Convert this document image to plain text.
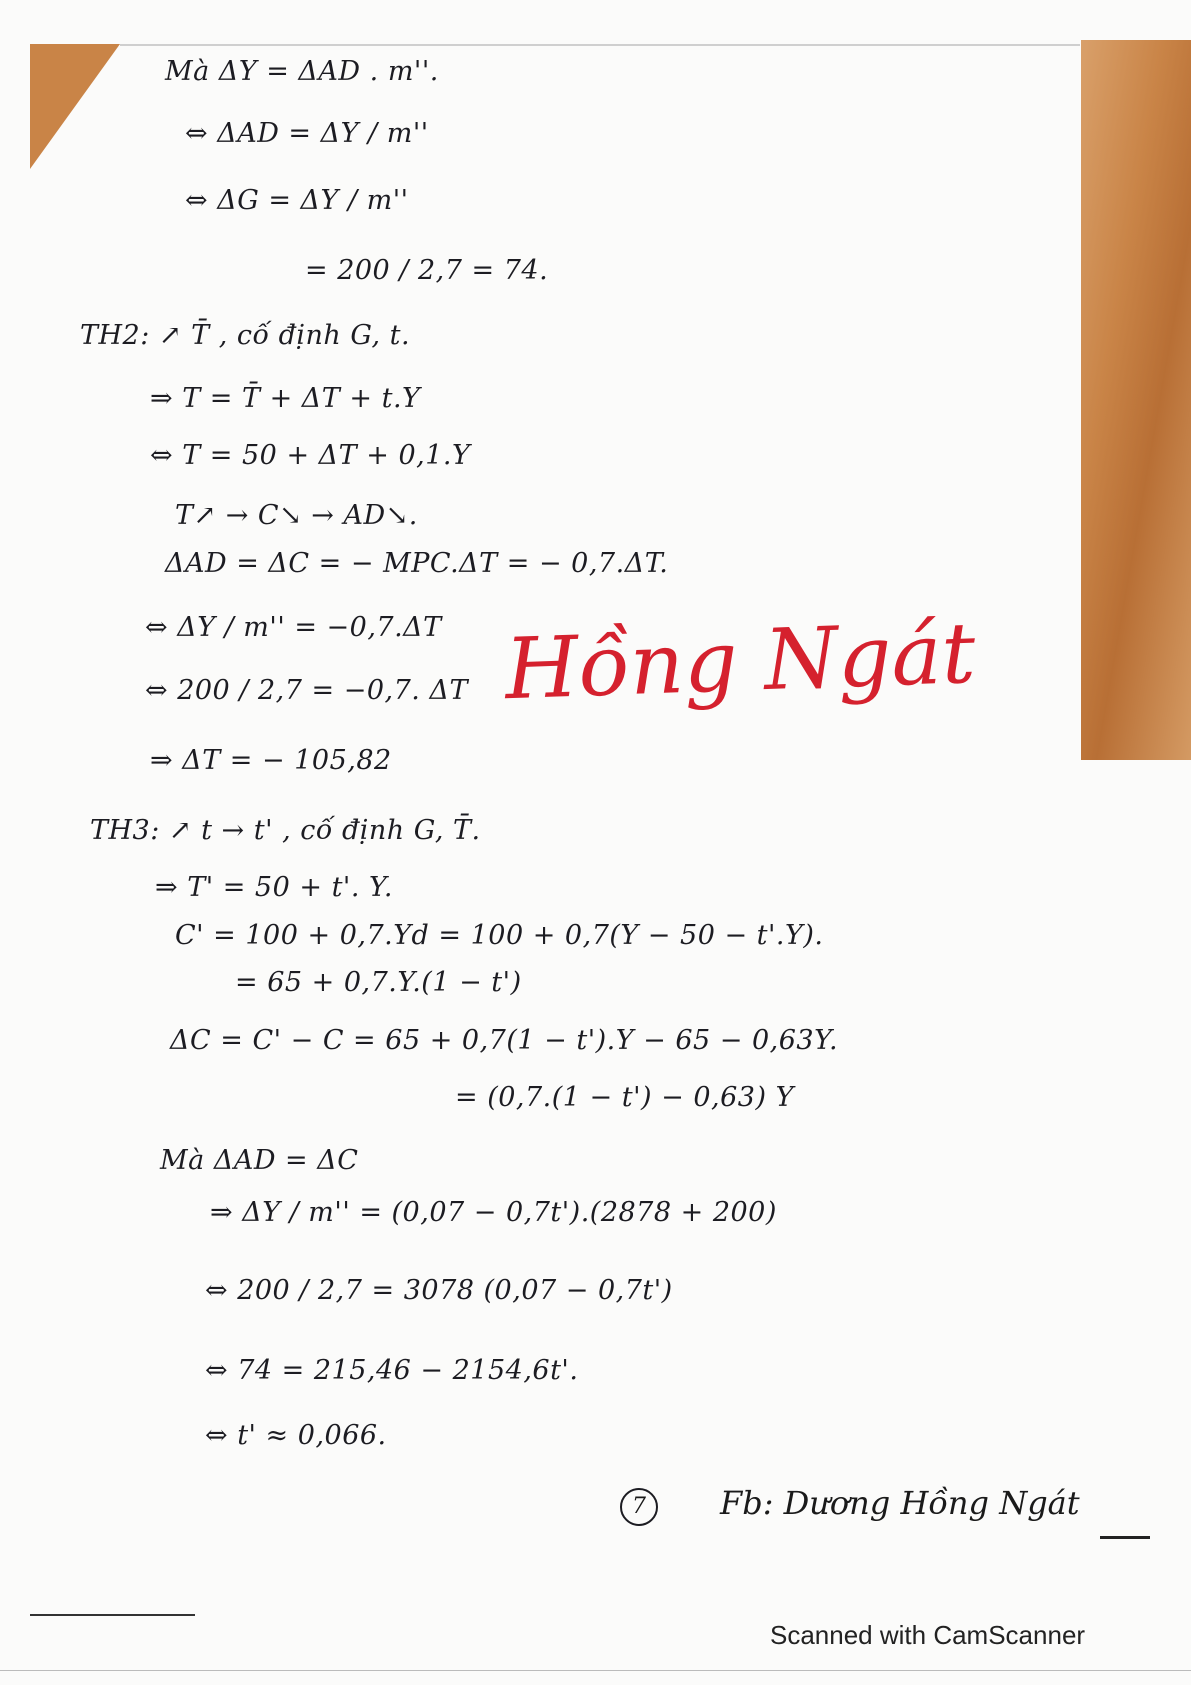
Mà ΔY = ΔAD . m''.
⇔ ΔAD = ΔY / m''
⇔ ΔG = ΔY / m''
= 200 / 2,7 = 74.
TH2: ↗ T̄ , cố định G, t.
⇒ T = T̄ + ΔT + t.Y
⇔ T = 50 + ΔT + 0,1.Y
T↗ → C↘ → AD↘.
ΔAD = ΔC = − MPC.ΔT = − 0,7.ΔT.
⇔ ΔY / m'' = −0,7.ΔT
⇔ 200 / 2,7 = −0,7. ΔT
⇒ ΔT = − 105,82
TH3: ↗ t → t' , cố định G, T̄.
⇒ T' = 50 + t'. Y.
C' = 100 + 0,7.Yd = 100 + 0,7(Y − 50 − t'.Y).
= 65 + 0,7.Y.(1 − t')
ΔC = C' − C = 65 + 0,7(1 − t').Y − 65 − 0,63Y.
= (0,7.(1 − t') − 0,63) Y
Mà ΔAD = ΔC
⇒ ΔY / m'' = (0,07 − 0,7t').(2878 + 200)
⇔ 200 / 2,7 = 3078 (0,07 − 0,7t')
⇔ 74 = 215,46 − 2154,6t'.
⇔ t' ≈ 0,066.
Hồng Ngát
7	Fb: Dương Hồng Ngát
Scanned with CamScanner
